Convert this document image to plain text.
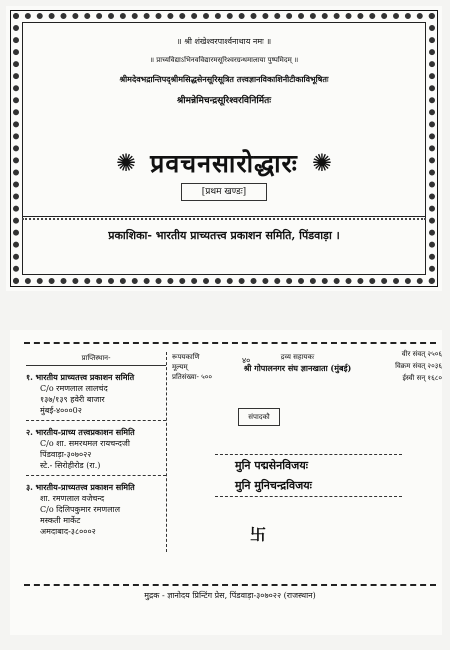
॥ श्री शंखेश्वरपार्श्वनाथाय नमः ॥
॥ प्राच्यविद्याऽभिनवविद्यारमसूरिश्वरग्रन्थमालाया पुष्पमिदम् ॥
श्रीमदेवभद्रान्तिपद्श्रीमसिद्धसेनसूरिसूत्रित तत्त्वज्ञानविकाशिनीटीकाविभूषितः
श्रीमन्नेमिचन्द्रसूरिश्वरविनिर्मितः
✺ प्रवचनसारोद्धारः ✺
[प्रथम खण्डः]
प्रकाशिका- भारतीय प्राच्यतत्त्व प्रकाशन समिति, पिंडवाड़ा ।
प्राप्तिस्थान-
१. भारतीय प्राच्यतत्त्व प्रकाशन समिति
C/o रमणलाल लालचंद
१३७/१३९ हवेरी बाजार
मुंबई-४०००0२
२. भारतीय-प्राच्य तत्त्वप्रकाशन समिति
C/o शा. समरथमल रायचन्दजी
पिंडवाड़ा-३०७०२२
स्टे.- सिरोहीरोड (रा.)
३. भारतीय-प्राच्यतत्त्व प्रकाशन समिति
शा. रमणलाल वजेचन्द
C/o दिलिपकुमार रमणलाल
मस्कती मार्केट
अमदाबाद-३८०००२
रूपयकाणि
मूल्यम्
प्रतिसंख्या- ५००
४०	द्रव्य सहायकः
श्री गोपालनगर संघ ज्ञानखाता (मुंबई)
वीर संवत् २५०६
विक्रम संवत् २०३६
ईस्वी सन् १६८०
संपादकौ
मुनि पद्मसेनविजयः
मुनि मुनिचन्द्रविजयः
卐
मुद्रक - ज्ञानोदय प्रिन्टिंग प्रेस, पिंडवाड़ा-३०७०२२ (राजस्थान)
